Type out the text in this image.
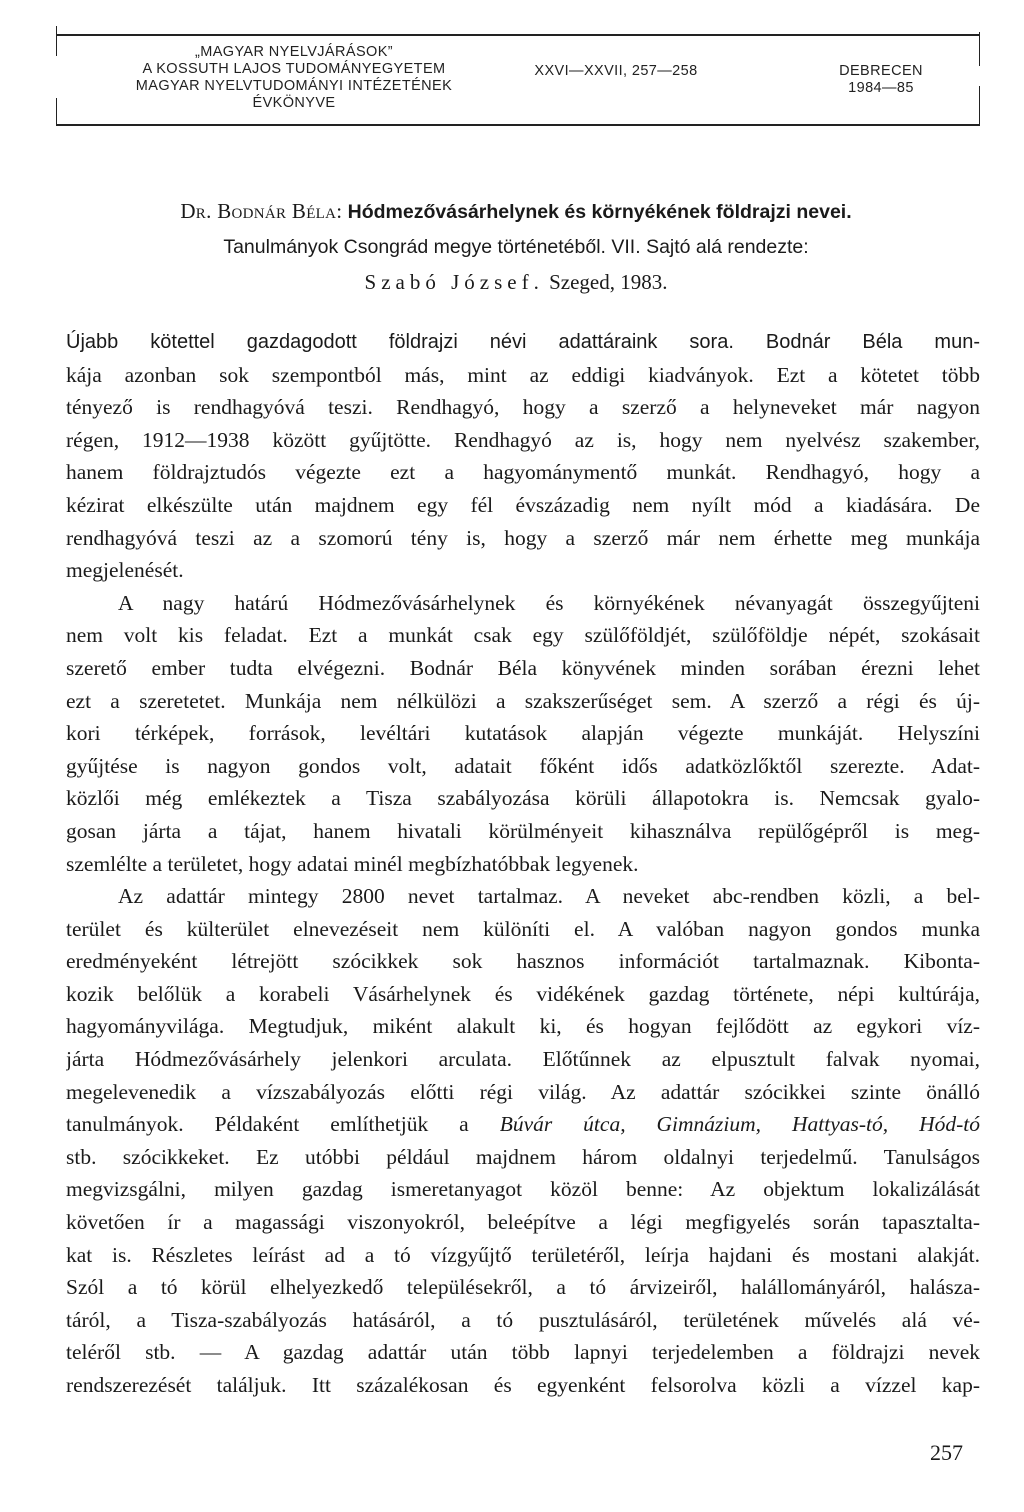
„MAGYAR NYELVJÁRÁSOK”
A KOSSUTH LAJOS TUDOMÁNYEGYETEM
MAGYAR NYELVTUDOMÁNYI INTÉZETÉNEK
ÉVKÖNYVE
XXVI—XXVII, 257—258	DEBRECEN
1984—85
Dr. Bodnár Béla: Hódmezővásárhelynek és környékének földrajzi nevei.
Tanulmányok Csongrád megye történetéből. VII. Sajtó alá rendezte:
Szabó József. Szeged, 1983.
Újabb kötettel gazdagodott földrajzi névi adattáraink sora. Bodnár Béla mun-
kája azonban sok szempontból más, mint az eddigi kiadványok. Ezt a kötetet több
tényező is rendhagyóvá teszi. Rendhagyó, hogy a szerző a helyneveket már nagyon
régen, 1912—1938 között gyűjtötte. Rendhagyó az is, hogy nem nyelvész szakember,
hanem földrajztudós végezte ezt a hagyománymentő munkát. Rendhagyó, hogy a
kézirat elkészülte után majdnem egy fél évszázadig nem nyílt mód a kiadására. De
rendhagyóvá teszi az a szomorú tény is, hogy a szerző már nem érhette meg munkája
megjelenését.
A nagy határú Hódmezővásárhelynek és környékének névanyagát összegyűjteni
nem volt kis feladat. Ezt a munkát csak egy szülőföldjét, szülőföldje népét, szokásait
szerető ember tudta elvégezni. Bodnár Béla könyvének minden sorában érezni lehet
ezt a szeretetet. Munkája nem nélkülözi a szakszerűséget sem. A szerző a régi és új-
kori térképek, források, levéltári kutatások alapján végezte munkáját. Helyszíni
gyűjtése is nagyon gondos volt, adatait főként idős adatközlőktől szerezte. Adat-
közlői még emlékeztek a Tisza szabályozása körüli állapotokra is. Nemcsak gyalo-
gosan járta a tájat, hanem hivatali körülményeit kihasználva repülőgépről is meg-
szemlélte a területet, hogy adatai minél megbízhatóbbak legyenek.
Az adattár mintegy 2800 nevet tartalmaz. A neveket abc-rendben közli, a bel-
terület és külterület elnevezéseit nem különíti el. A valóban nagyon gondos munka
eredményeként létrejött szócikkek sok hasznos információt tartalmaznak. Kibonta-
kozik belőlük a korabeli Vásárhelynek és vidékének gazdag története, népi kultúrája,
hagyományvilága. Megtudjuk, miként alakult ki, és hogyan fejlődött az egykori víz-
járta Hódmezővásárhely jelenkori arculata. Előtűnnek az elpusztult falvak nyomai,
megelevenedik a vízszabályozás előtti régi világ. Az adattár szócikkei szinte önálló
tanulmányok. Példaként említhetjük a Búvár útca, Gimnázium, Hattyas-tó, Hód-tó
stb. szócikkeket. Ez utóbbi például majdnem három oldalnyi terjedelmű. Tanulságos
megvizsgálni, milyen gazdag ismeretanyagot közöl benne: Az objektum lokalizálását
követően ír a magassági viszonyokról, beleépítve a légi megfigyelés során tapasztalta-
kat is. Részletes leírást ad a tó vízgyűjtő területéről, leírja hajdani és mostani alakját.
Szól a tó körül elhelyezkedő településekről, a tó árvizeiről, halállományáról, halásza-
táról, a Tisza-szabályozás hatásáról, a tó pusztulásáról, területének művelés alá vé-
teléről stb. — A gazdag adattár után több lapnyi terjedelemben a földrajzi nevek
rendszerezését találjuk. Itt százalékosan és egyenként felsorolva közli a vízzel kap-
257
